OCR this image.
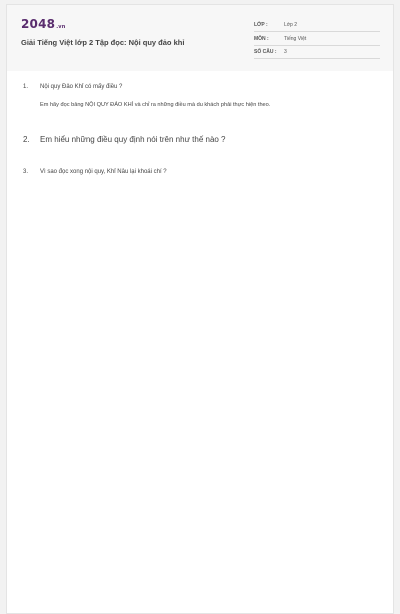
2048.vn
Giải Tiếng Việt lớp 2 Tập đọc: Nội quy đảo khỉ
LỚP :	Lớp 2
MÔN :	Tiếng Việt
SỐ CÂU : 3
1. Nội quy Đảo Khỉ có mấy điều ?
Em hãy đọc bảng NỘI QUY ĐẢO KHỈ và chỉ ra những điều mà du khách phải thực hiện theo.
2. Em hiểu những điều quy định nói trên như thế nào ?
3. Vì sao đọc xong nội quy, Khỉ Nâu lại khoái chí ?
